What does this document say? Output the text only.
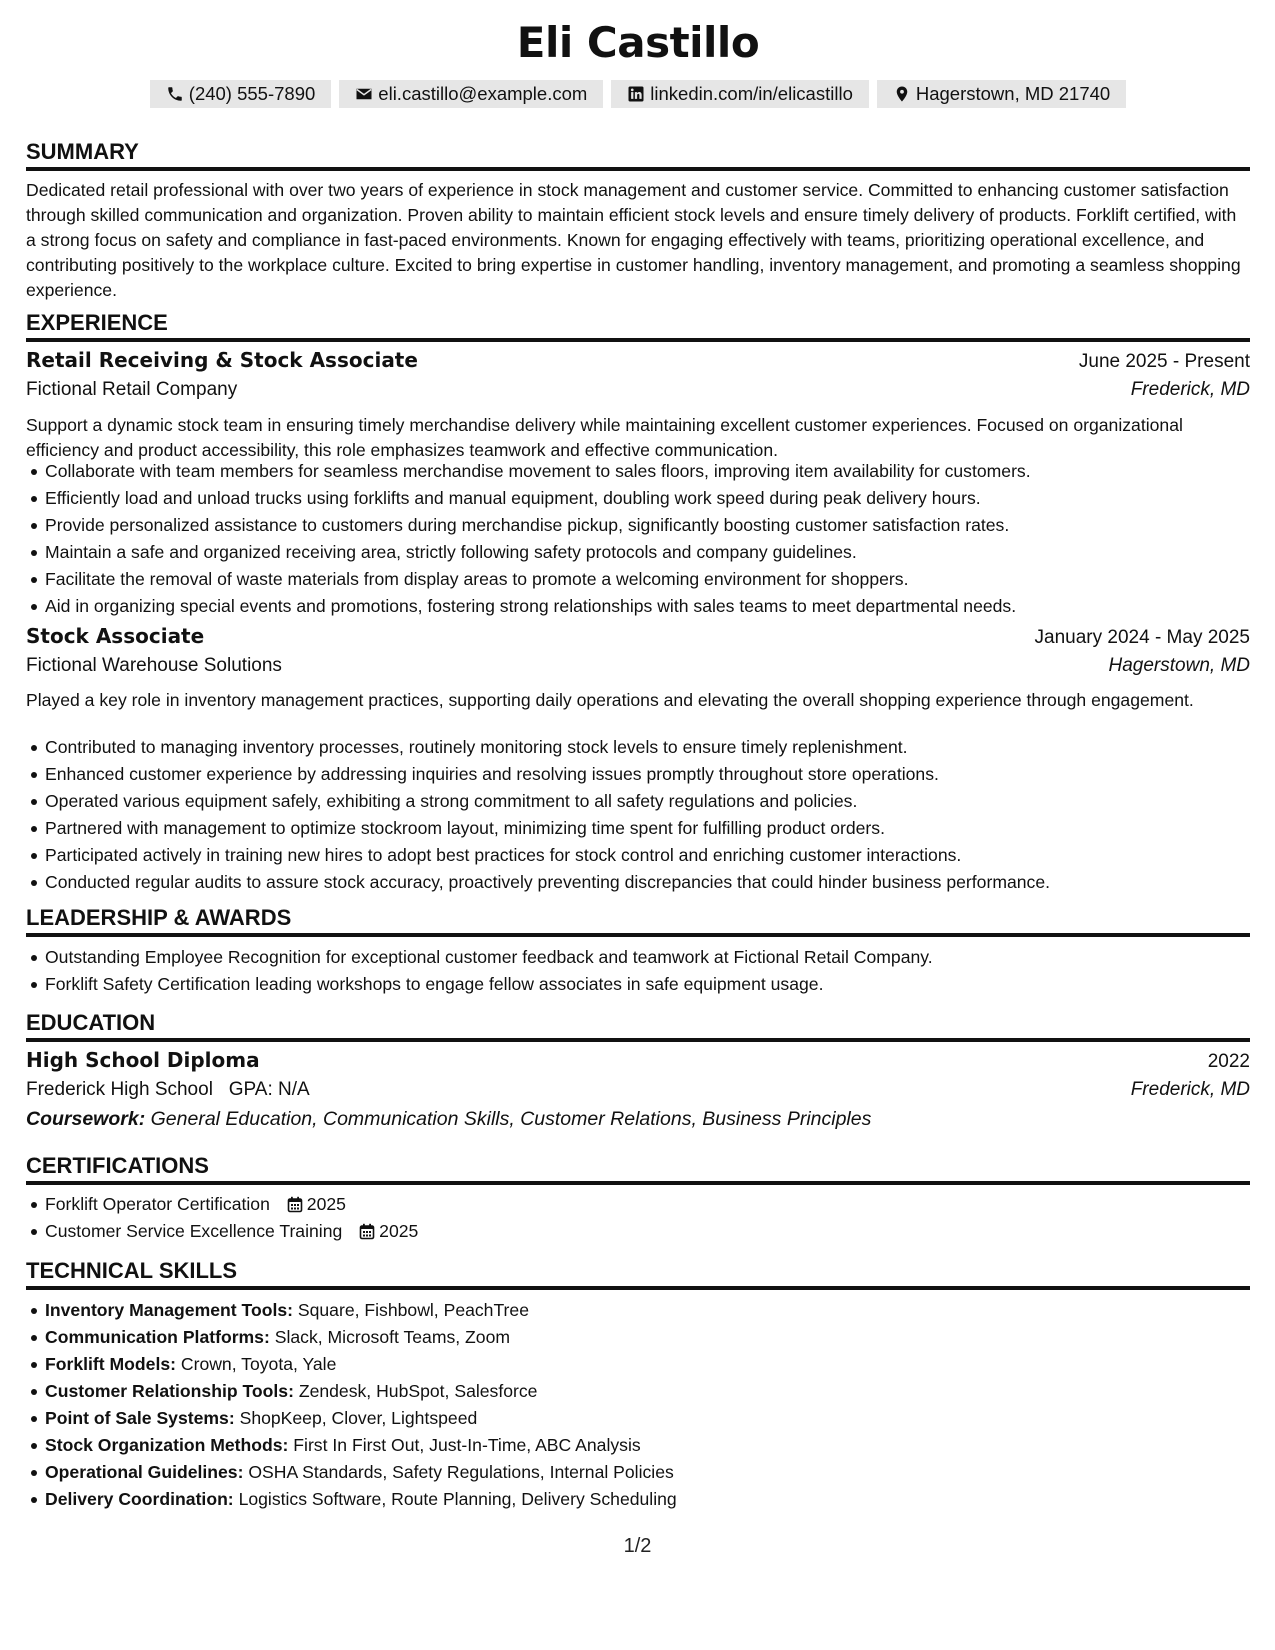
Eli Castillo
(240) 555-7890	eli.castillo@example.com	linkedin.com/in/elicastillo	Hagerstown, MD 21740
SUMMARY
Dedicated retail professional with over two years of experience in stock management and customer service. Committed to enhancing customer satisfaction through skilled communication and organization. Proven ability to maintain efficient stock levels and ensure timely delivery of products. Forklift certified, with a strong focus on safety and compliance in fast-paced environments. Known for engaging effectively with teams, prioritizing operational excellence, and contributing positively to the workplace culture. Excited to bring expertise in customer handling, inventory management, and promoting a seamless shopping experience.
EXPERIENCE
Retail Receiving & Stock Associate	June 2025 - Present
Fictional Retail Company	Frederick, MD
Support a dynamic stock team in ensuring timely merchandise delivery while maintaining excellent customer experiences. Focused on organizational efficiency and product accessibility, this role emphasizes teamwork and effective communication.
Collaborate with team members for seamless merchandise movement to sales floors, improving item availability for customers.
Efficiently load and unload trucks using forklifts and manual equipment, doubling work speed during peak delivery hours.
Provide personalized assistance to customers during merchandise pickup, significantly boosting customer satisfaction rates.
Maintain a safe and organized receiving area, strictly following safety protocols and company guidelines.
Facilitate the removal of waste materials from display areas to promote a welcoming environment for shoppers.
Aid in organizing special events and promotions, fostering strong relationships with sales teams to meet departmental needs.
Stock Associate	January 2024 - May 2025
Fictional Warehouse Solutions	Hagerstown, MD
Played a key role in inventory management practices, supporting daily operations and elevating the overall shopping experience through engagement.
Contributed to managing inventory processes, routinely monitoring stock levels to ensure timely replenishment.
Enhanced customer experience by addressing inquiries and resolving issues promptly throughout store operations.
Operated various equipment safely, exhibiting a strong commitment to all safety regulations and policies.
Partnered with management to optimize stockroom layout, minimizing time spent for fulfilling product orders.
Participated actively in training new hires to adopt best practices for stock control and enriching customer interactions.
Conducted regular audits to assure stock accuracy, proactively preventing discrepancies that could hinder business performance.
LEADERSHIP & AWARDS
Outstanding Employee Recognition for exceptional customer feedback and teamwork at Fictional Retail Company.
Forklift Safety Certification leading workshops to engage fellow associates in safe equipment usage.
EDUCATION
High School Diploma	2022
Frederick High School GPA: N/A	Frederick, MD
Coursework: General Education, Communication Skills, Customer Relations, Business Principles
CERTIFICATIONS
Forklift Operator Certification 2025
Customer Service Excellence Training 2025
TECHNICAL SKILLS
Inventory Management Tools: Square, Fishbowl, PeachTree
Communication Platforms: Slack, Microsoft Teams, Zoom
Forklift Models: Crown, Toyota, Yale
Customer Relationship Tools: Zendesk, HubSpot, Salesforce
Point of Sale Systems: ShopKeep, Clover, Lightspeed
Stock Organization Methods: First In First Out, Just-In-Time, ABC Analysis
Operational Guidelines: OSHA Standards, Safety Regulations, Internal Policies
Delivery Coordination: Logistics Software, Route Planning, Delivery Scheduling
1/2
